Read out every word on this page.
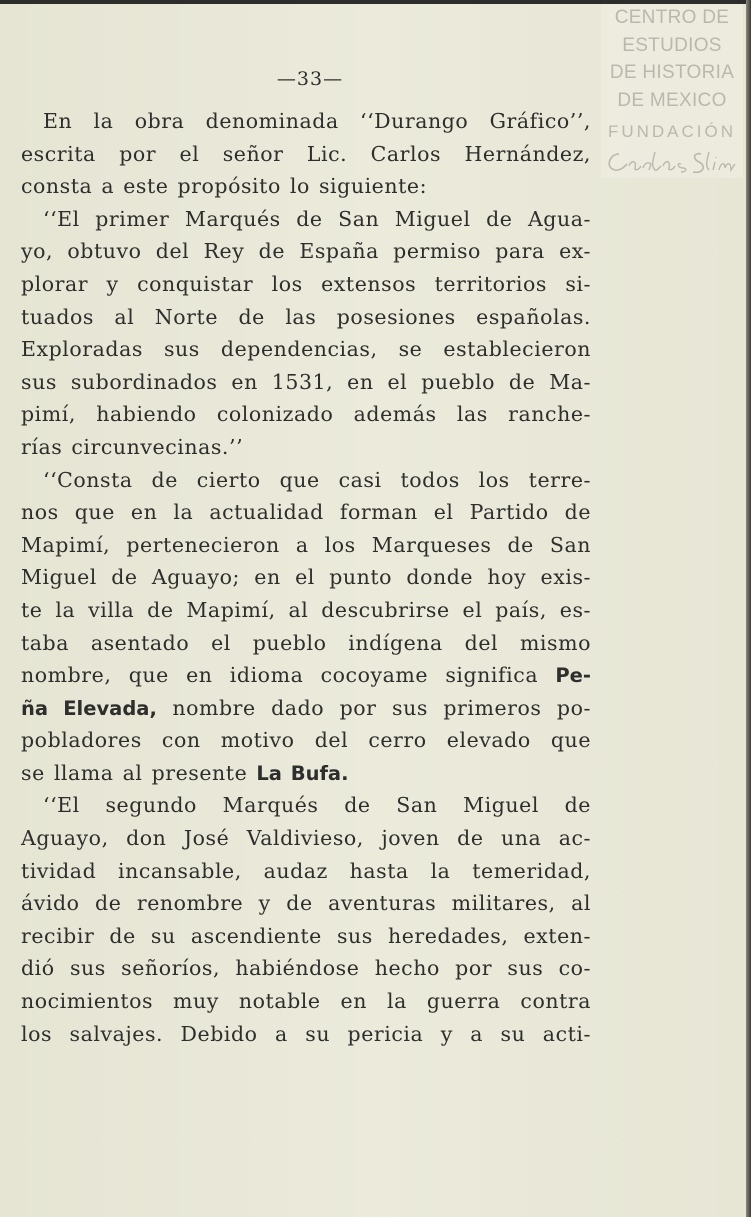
CENTRO DE
ESTUDIOS
DE HISTORIA
DE MEXICO
FUNDACIÓN
—33—
En la obra denominada ‘‘Durango Gráfico’’,
escrita por el señor Lic. Carlos Hernández,
consta a este propósito lo siguiente:
‘‘El primer Marqués de San Miguel de Agua-
yo, obtuvo del Rey de España permiso para ex-
plorar y conquistar los extensos territorios si-
tuados al Norte de las posesiones españolas.
Exploradas sus dependencias, se establecieron
sus subordinados en 1531, en el pueblo de Ma-
pimí, habiendo colonizado además las ranche-
rías circunvecinas.’’
‘‘Consta de cierto que casi todos los terre-
nos que en la actualidad forman el Partido de
Mapimí, pertenecieron a los Marqueses de San
Miguel de Aguayo; en el punto donde hoy exis-
te la villa de Mapimí, al descubrirse el país, es-
taba asentado el pueblo indígena del mismo
nombre, que en idioma cocoyame significa Pe-
ña Elevada, nombre dado por sus primeros po-
pobladores con motivo del cerro elevado que
se llama al presente La Bufa.
‘‘El segundo Marqués de San Miguel de
Aguayo, don José Valdivieso, joven de una ac-
tividad incansable, audaz hasta la temeridad,
ávido de renombre y de aventuras militares, al
recibir de su ascendiente sus heredades, exten-
dió sus señoríos, habiéndose hecho por sus co-
nocimientos muy notable en la guerra contra
los salvajes. Debido a su pericia y a su acti-
